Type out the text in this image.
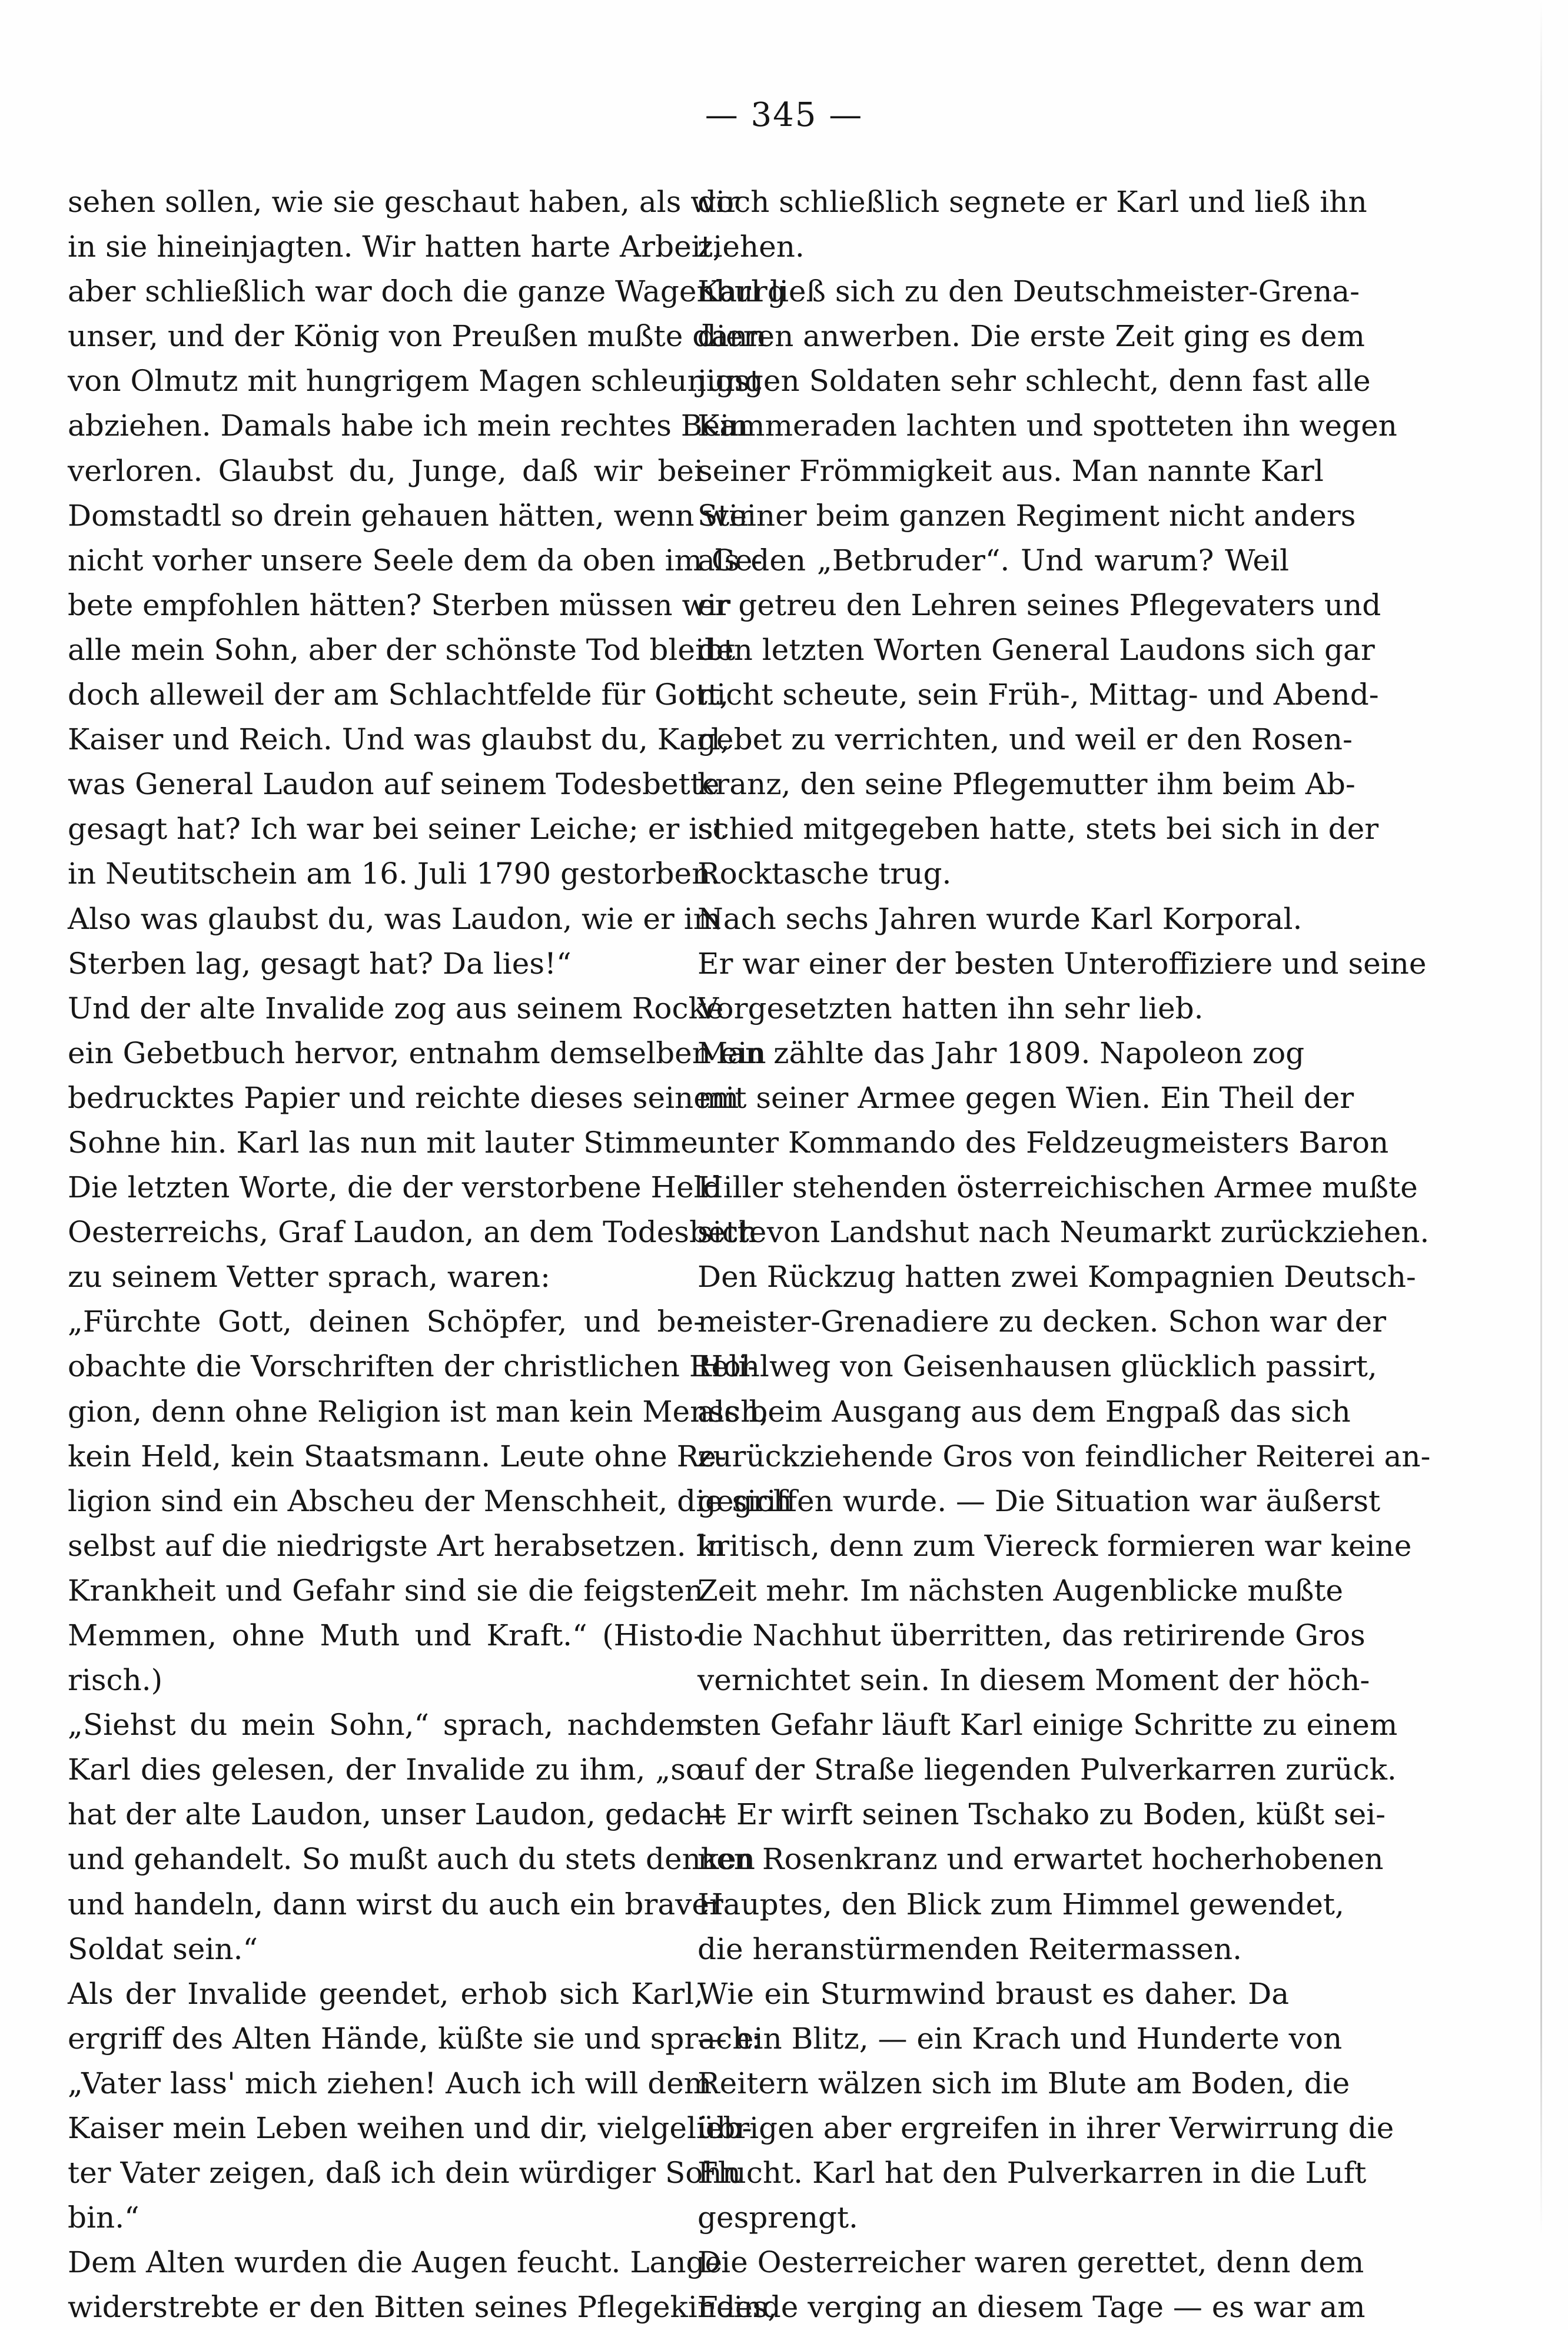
— 345 —
sehen sollen, wie sie geschaut haben, als wir
in sie hineinjagten. Wir hatten harte Arbeit,
aber schließlich war doch die ganze Wagenburg
unser, und der König von Preußen mußte dann
von Olmutz mit hungrigem Magen schleunigst
abziehen. Damals habe ich mein rechtes Bein
verloren. Glaubst du, Junge, daß wir bei
Domstadtl so drein gehauen hätten, wenn wir
nicht vorher unsere Seele dem da oben im Ge-
bete empfohlen hätten? Sterben müssen wir
alle mein Sohn, aber der schönste Tod bleibt
doch alleweil der am Schlachtfelde für Gott,
Kaiser und Reich. Und was glaubst du, Karl,
was General Laudon auf seinem Todesbette
gesagt hat? Ich war bei seiner Leiche; er ist
in Neutitschein am 16. Juli 1790 gestorben.
Also was glaubst du, was Laudon, wie er im
Sterben lag, gesagt hat? Da lies!“
Und der alte Invalide zog aus seinem Rocke
ein Gebetbuch hervor, entnahm demselben ein
bedrucktes Papier und reichte dieses seinem
Sohne hin. Karl las nun mit lauter Stimme.
Die letzten Worte, die der verstorbene Held
Oesterreichs, Graf Laudon, an dem Todesbette
zu seinem Vetter sprach, waren:
„Fürchte Gott, deinen Schöpfer, und be-
obachte die Vorschriften der christlichen Reli-
gion, denn ohne Religion ist man kein Mensch,
kein Held, kein Staatsmann. Leute ohne Re-
ligion sind ein Abscheu der Menschheit, die sich
selbst auf die niedrigste Art herabsetzen. In
Krankheit und Gefahr sind sie die feigsten
Memmen, ohne Muth und Kraft.“ (Histo-
risch.)
„Siehst du mein Sohn,“ sprach, nachdem
Karl dies gelesen, der Invalide zu ihm, „so
hat der alte Laudon, unser Laudon, gedacht
und gehandelt. So mußt auch du stets denken
und handeln, dann wirst du auch ein braver
Soldat sein.“
Als der Invalide geendet, erhob sich Karl,
ergriff des Alten Hände, küßte sie und sprach:
„Vater lass' mich ziehen! Auch ich will dem
Kaiser mein Leben weihen und dir, vielgelieb-
ter Vater zeigen, daß ich dein würdiger Sohn
bin.“
Dem Alten wurden die Augen feucht. Lange
widerstrebte er den Bitten seines Pflegekindes,
doch schließlich segnete er Karl und ließ ihn
ziehen.
Karl ließ sich zu den Deutschmeister-Grena-
dieren anwerben. Die erste Zeit ging es dem
jungen Soldaten sehr schlecht, denn fast alle
Kammeraden lachten und spotteten ihn wegen
seiner Frömmigkeit aus. Man nannte Karl
Steiner beim ganzen Regiment nicht anders
als den „Betbruder“. Und warum? Weil
er getreu den Lehren seines Pflegevaters und
den letzten Worten General Laudons sich gar
nicht scheute, sein Früh-, Mittag- und Abend-
gebet zu verrichten, und weil er den Rosen-
kranz, den seine Pflegemutter ihm beim Ab-
schied mitgegeben hatte, stets bei sich in der
Rocktasche trug.
Nach sechs Jahren wurde Karl Korporal.
Er war einer der besten Unteroffiziere und seine
Vorgesetzten hatten ihn sehr lieb.
Man zählte das Jahr 1809. Napoleon zog
mit seiner Armee gegen Wien. Ein Theil der
unter Kommando des Feldzeugmeisters Baron
Hiller stehenden österreichischen Armee mußte
sich von Landshut nach Neumarkt zurückziehen.
Den Rückzug hatten zwei Kompagnien Deutsch-
meister-Grenadiere zu decken. Schon war der
Hohlweg von Geisenhausen glücklich passirt,
als beim Ausgang aus dem Engpaß das sich
zurückziehende Gros von feindlicher Reiterei an-
gegriffen wurde. — Die Situation war äußerst
kritisch, denn zum Viereck formieren war keine
Zeit mehr. Im nächsten Augenblicke mußte
die Nachhut überritten, das retirirende Gros
vernichtet sein. In diesem Moment der höch-
sten Gefahr läuft Karl einige Schritte zu einem
auf der Straße liegenden Pulverkarren zurück.
— Er wirft seinen Tschako zu Boden, küßt sei-
nen Rosenkranz und erwartet hocherhobenen
Hauptes, den Blick zum Himmel gewendet,
die heranstürmenden Reitermassen.
Wie ein Sturmwind braust es daher. Da
— ein Blitz, — ein Krach und Hunderte von
Reitern wälzen sich im Blute am Boden, die
übrigen aber ergreifen in ihrer Verwirrung die
Flucht. Karl hat den Pulverkarren in die Luft
gesprengt.
Die Oesterreicher waren gerettet, denn dem
Feinde verging an diesem Tage — es war am
